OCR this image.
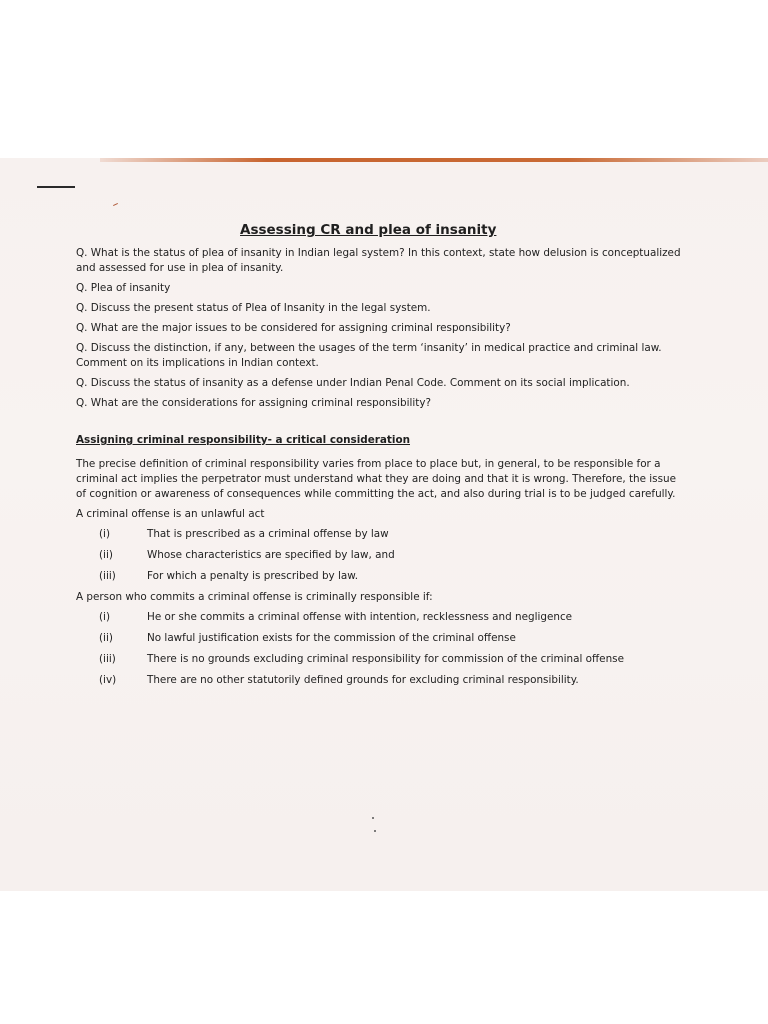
Assessing CR and plea of insanity

Q. What is the status of plea of insanity in Indian legal system? In this context, state how delusion is conceptualized and assessed for use in plea of insanity.

Q. Plea of insanity

Q. Discuss the present status of Plea of Insanity in the legal system.

Q. What are the major issues to be considered for assigning criminal responsibility?

Q. Discuss the distinction, if any, between the usages of the term ‘insanity’ in medical practice and criminal law. Comment on its implications in Indian context.

Q. Discuss the status of insanity as a defense under Indian Penal Code. Comment on its social implication.

Q. What are the considerations for assigning criminal responsibility?

Assigning criminal responsibility- a critical consideration

The precise definition of criminal responsibility varies from place to place but, in general, to be responsible for a criminal act implies the perpetrator must understand what they are doing and that it is wrong. Therefore, the issue of cognition or awareness of consequences while committing the act, and also during trial is to be judged carefully.

A criminal offense is an unlawful act

(i)	That is prescribed as a criminal offense by law
(ii)	Whose characteristics are specified by law, and
(iii)	For which a penalty is prescribed by law.

A person who commits a criminal offense is criminally responsible if:

(i)	He or she commits a criminal offense with intention, recklessness and negligence
(ii)	No lawful justification exists for the commission of the criminal offense
(iii)	There is no grounds excluding criminal responsibility for commission of the criminal offense
(iv)	There are no other statutorily defined grounds for excluding criminal responsibility.
